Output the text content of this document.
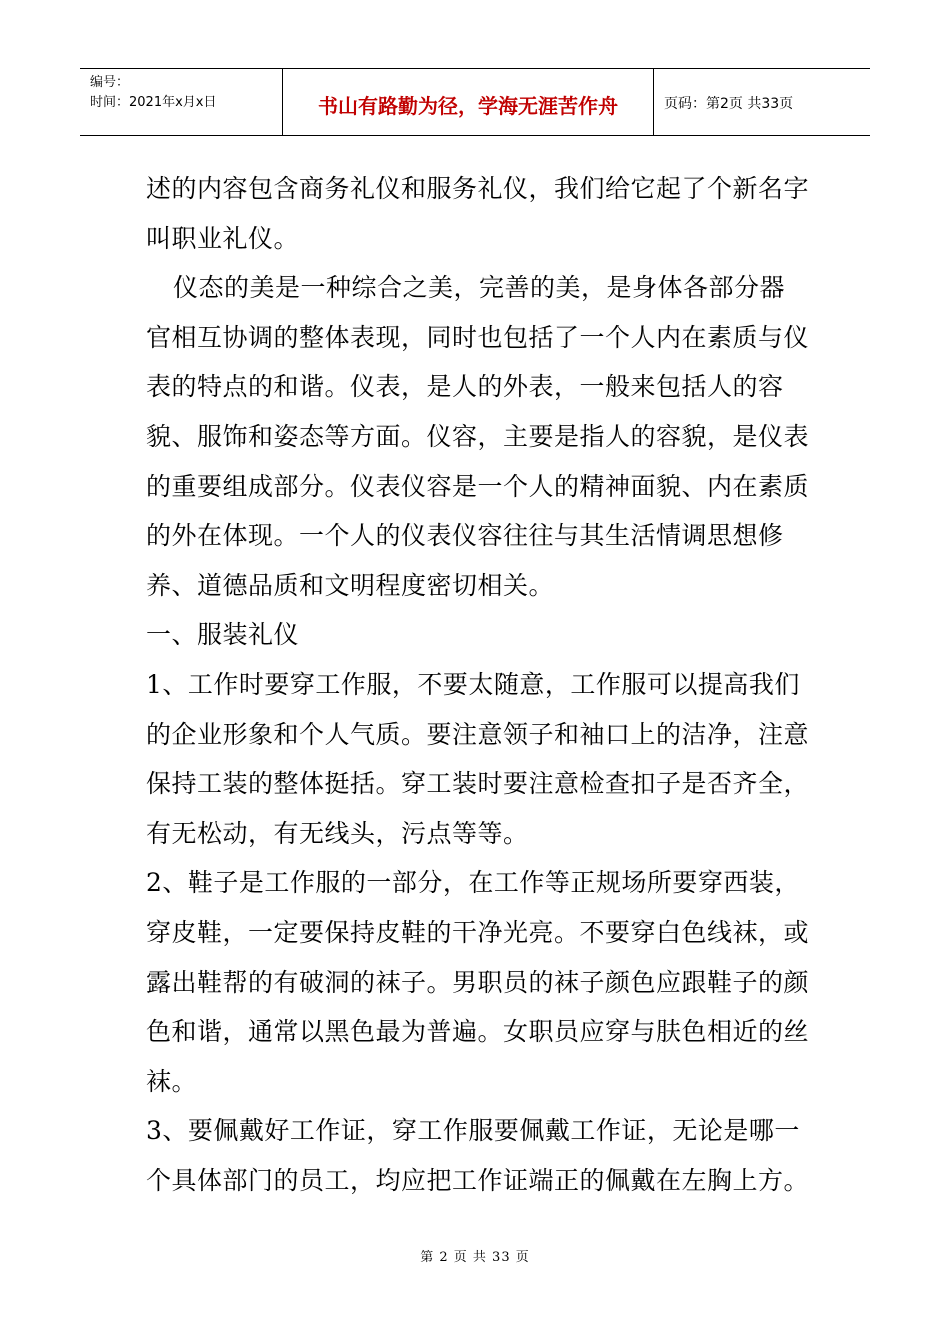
编号：
时间：2021年x月x日	书山有路勤为径，学海无涯苦作舟	页码：第2页 共33页

述的内容包含商务礼仪和服务礼仪，我们给它起了个新名字叫职业礼仪。

仪态的美是一种综合之美，完善的美，是身体各部分器官相互协调的整体表现，同时也包括了一个人内在素质与仪表的特点的和谐。仪表，是人的外表，一般来包括人的容貌、服饰和姿态等方面。仪容，主要是指人的容貌，是仪表的重要组成部分。仪表仪容是一个人的精神面貌、内在素质的外在体现。一个人的仪表仪容往往与其生活情调思想修养、道德品质和文明程度密切相关。

一、服装礼仪

1、工作时要穿工作服，不要太随意，工作服可以提高我们的企业形象和个人气质。要注意领子和袖口上的洁净，注意保持工装的整体挺括。穿工装时要注意检查扣子是否齐全，有无松动，有无线头，污点等等。

2、鞋子是工作服的一部分，在工作等正规场所要穿西装，穿皮鞋，一定要保持皮鞋的干净光亮。不要穿白色线袜，或露出鞋帮的有破洞的袜子。男职员的袜子颜色应跟鞋子的颜色和谐，通常以黑色最为普遍。女职员应穿与肤色相近的丝袜。

3、要佩戴好工作证，穿工作服要佩戴工作证，无论是哪一个具体部门的员工，均应把工作证端正的佩戴在左胸上方。

第 2 页 共 33 页
